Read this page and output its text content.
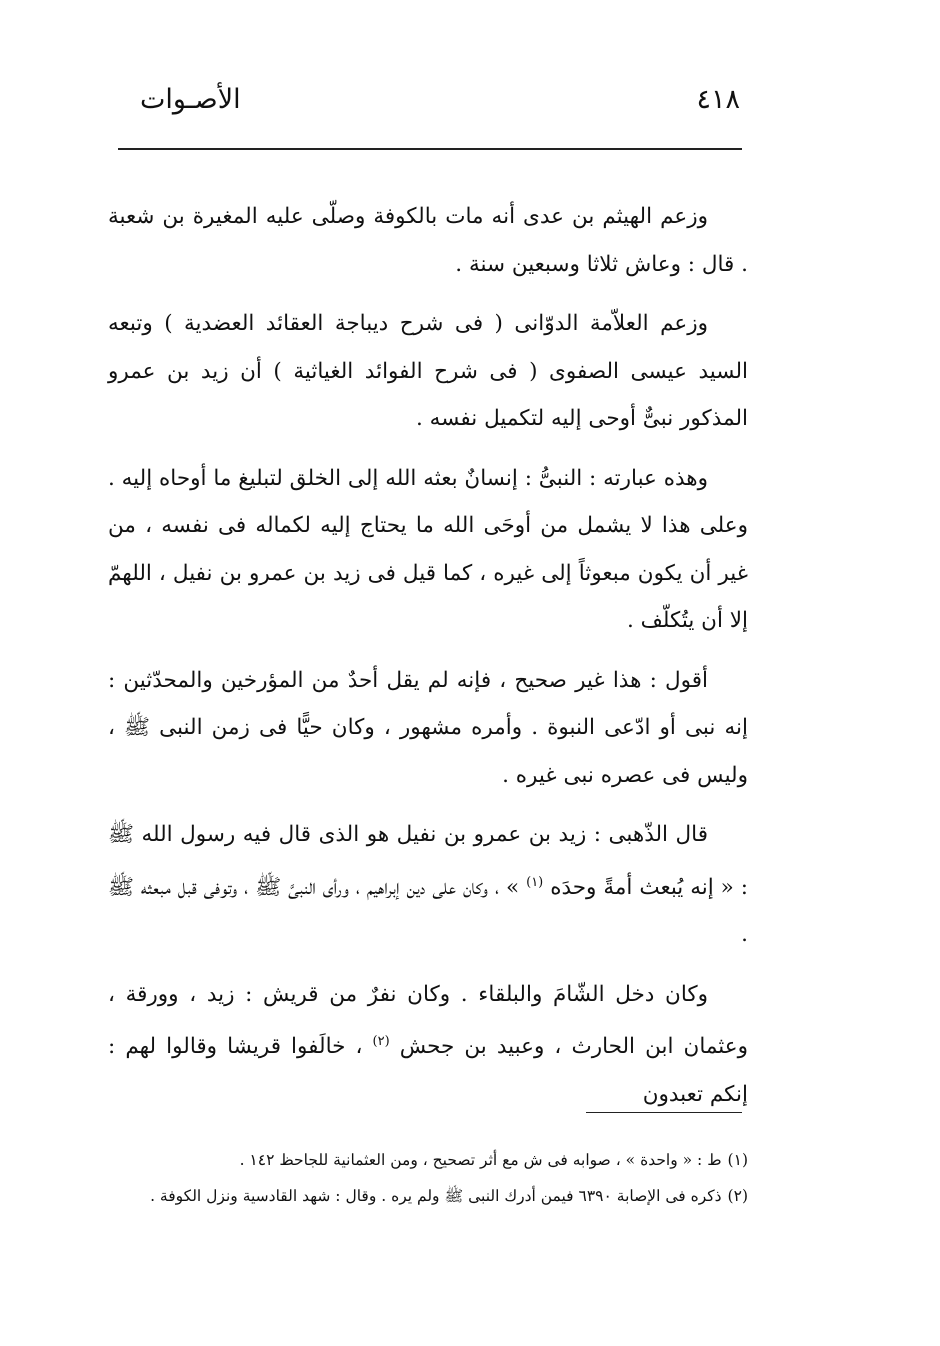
٤١٨
الأصـوات

وزعم الهيثم بن عدى أنه مات بالكوفة وصلّى عليه المغيرة بن شعبة . قال : وعاش ثلاثا وسبعين سنة .

وزعم العلاّمة الدوّانى ( فى شرح ديباجة العقائد العضدية ) وتبعه السيد عيسى الصفوى ( فى شرح الفوائد الغياثية ) أن زيد بن عمرو المذكور نبىٌّ أوحى إليه لتكميل نفسه .

وهذه عبارته : النبىُّ : إنسانٌ بعثه الله إلى الخلق لتبليغ ما أوحاه إليه . وعلى هذا لا يشمل من أوحَى الله ما يحتاج إليه لكماله فى نفسه ، من غير أن يكون مبعوثاً إلى غيره ، كما قيل فى زيد بن عمرو بن نفيل ، اللهمّ إلا أن يتُكلّف .

أقول : هذا غير صحيح ، فإنه لم يقل أحدٌ من المؤرخين والمحدّثين : إنه نبى أو ادّعى النبوة . وأمره مشهور ، وكان حيًّا فى زمن النبى ﷺ ، وليس فى عصره نبى غيره .

قال الذّهبى : زيد بن عمرو بن نفيل هو الذى قال فيه رسول الله ﷺ : « إنه يُبعث أمةً وحدَه $^{(١)}$ » ، وكان على دين إبراهيم ، ورأى النبىَّ ﷺ ، وتوفى قبل مبعثه ﷺ .

وكان دخل الشّامَ والبلقاء . وكان نفرٌ من قريش : زيد ، وورقة ، وعثمان ابن الحارث ، وعبيد بن جحش $^{(٢)}$ ، خالَفوا قريشا وقالوا لهم : إنكم تعبدون

(١)ط : « واحدة » ، صوابه فى ش مع أثر تصحيح ، ومن العثمانية للجاحظ ١٤٢ .

(٢)ذكره فى الإصابة ٦٣٩٠ فيمن أدرك النبى ﷺ ولم يره . وقال : شهد القادسية ونزل الكوفة .
